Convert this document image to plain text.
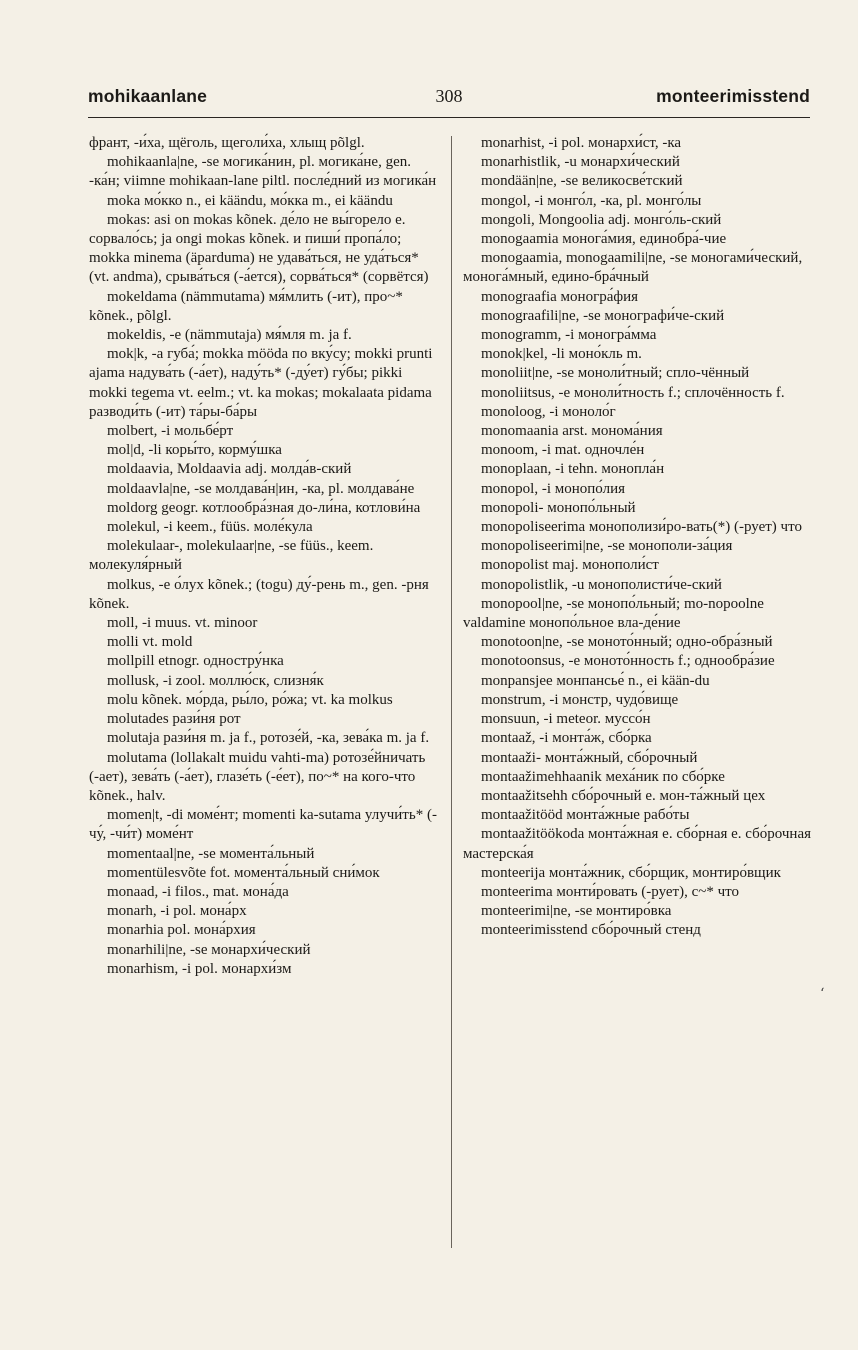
mohikaanlane	308	monteerimisstend

франт, -и́ха, щёголь, щеголи́ха, хлыщ põlgl.

mohikaanla|ne, -se могика́нин, pl. могика́не, gen. -ка́н; viimne mohikaan-lane piltl. после́дний из могика́н

moka мо́кко n., ei käändu, мо́кка m., ei käändu

mokas: asi on mokas kõnek. де́ло не вы́горело e. сорвало́сь; ja ongi mokas kõnek. и пиши́ пропа́ло; mokka minema (äpardumа) не удава́ться, не уда́ться* (vt. andma), срыва́ться (-а́ется), сорва́ться* (сорвётся)

mokeldama (nämmutama) мя́млить (-ит), про~* kõnek., põlgl.

mokeldis, -e (nämmutaja) мя́мля m. ja f.

mok|k, -a губа́; mokka mööda по вку́су; mokki prunti ajama надува́ть (-а́ет), наду́ть* (-ду́ет) гу́бы; pikki mokki tegema vt. eelm.; vt. ka mokas; mokalaata pidama разводи́ть (-ит) та́ры-ба́ры

molbert, -i мольбе́рт

mol|d, -li коры́то, корму́шка

moldaavia, Moldaavia adj. молда́в-ский

moldaavla|ne, -se молдава́н|ин, -ка, pl. молдава́не

moldorg geogr. котлообра́зная до-ли́на, котлови́на

molekul, -i keem., füüs. моле́кула

molekulaar-, molekulaar|ne, -se füüs., keem. молекуля́рный

molkus, -e о́лух kõnek.; (togu) ду́-рень m., gen. -рня kõnek.

moll, -i muus. vt. minoor

molli vt. mold

mollpill etnogr. одностру́нка

mollusk, -i zool. моллю́ск, слизня́к

molu kõnek. мо́рда, ры́ло, ро́жа; vt. ka molkus

molutades рази́ня рот

molutaja рази́ня m. ja f., ротозе́й, -ка, зева́ка m. ja f.

molutama (lollakalt muidu vahti-ma) ротозе́йничать (-ает), зева́ть (-а́ет), глазе́ть (-е́ет), по~* на кого-что kõnek., halv.

momen|t, -di моме́нт; momenti ka-sutama улучи́ть* (-чу́, -чи́т) моме́нт

momentaal|ne, -se момента́льный

momentülesvõte fot. момента́льный сни́мок

monaad, -i filos., mat. мона́да

monarh, -i pol. мона́рх

monarhia pol. мона́рхия

monarhili|ne, -se монархи́ческий

monarhism, -i pol. монархи́зм

monarhist, -i pol. монархи́ст, -ка

monarhistlik, -u монархи́ческий

mondään|ne, -se великосве́тский

mongol, -i монго́л, -ка, pl. монго́лы

mongoli, Mongoolia adj. монго́ль-ский

monogaamia монога́мия, единобра́-чие

monogaamia, monogaamili|ne, -se моногами́ческий, монога́мный, едино-бра́чный

monograafia моногра́фия

monograafili|ne, -se монографи́че-ский

monogramm, -i моногра́мма

monok|kel, -li моно́кль m.

monoliit|ne, -se моноли́тный; спло-чённый

monoliitsus, -е моноли́тность f.; сплочённость f.

monoloog, -i моноло́г

monomaania arst. монома́ния

monoom, -i mat. одночле́н

monoplaan, -i tehn. монопла́н

monopol, -i монопо́лия

monopoli- монопо́льный

monopoliseerima монополизи́ро-вать(*) (-рует) что

monopoliseerimi|ne, -se монополи-за́ция

monopolist maj. монополи́ст

monopolistlik, -u монополисти́че-ский

monopool|ne, -se монопо́льный; mo-nopoolne valdamine монопо́льное вла-де́ние

monotoon|ne, -se моното́нный; одно-обра́зный

monotoonsus, -е моното́нность f.; однообра́зие

monpansjee монпансье́ n., ei kään-du

monstrum, -i монстр, чудо́вище

monsuun, -i meteor. муссо́н

montaaž, -i монта́ж, сбо́рка

montaaži- монта́жный, сбо́рочный

montaažimehhaanik меха́ник по сбо́рке

montaažitsehh сбо́рочный e. мон-та́жный цех

montaažitööd монта́жные рабо́ты

montaažitöökoda монта́жная e. сбо́рная e. сбо́рочная мастерска́я

monteerija монта́жник, сбо́рщик, монтиро́вщик

monteerima монти́ровать (-рует), с~* что

monteerimi|ne, -se монтиро́вка

monteerimisstend сбо́рочный стенд

ʻ
